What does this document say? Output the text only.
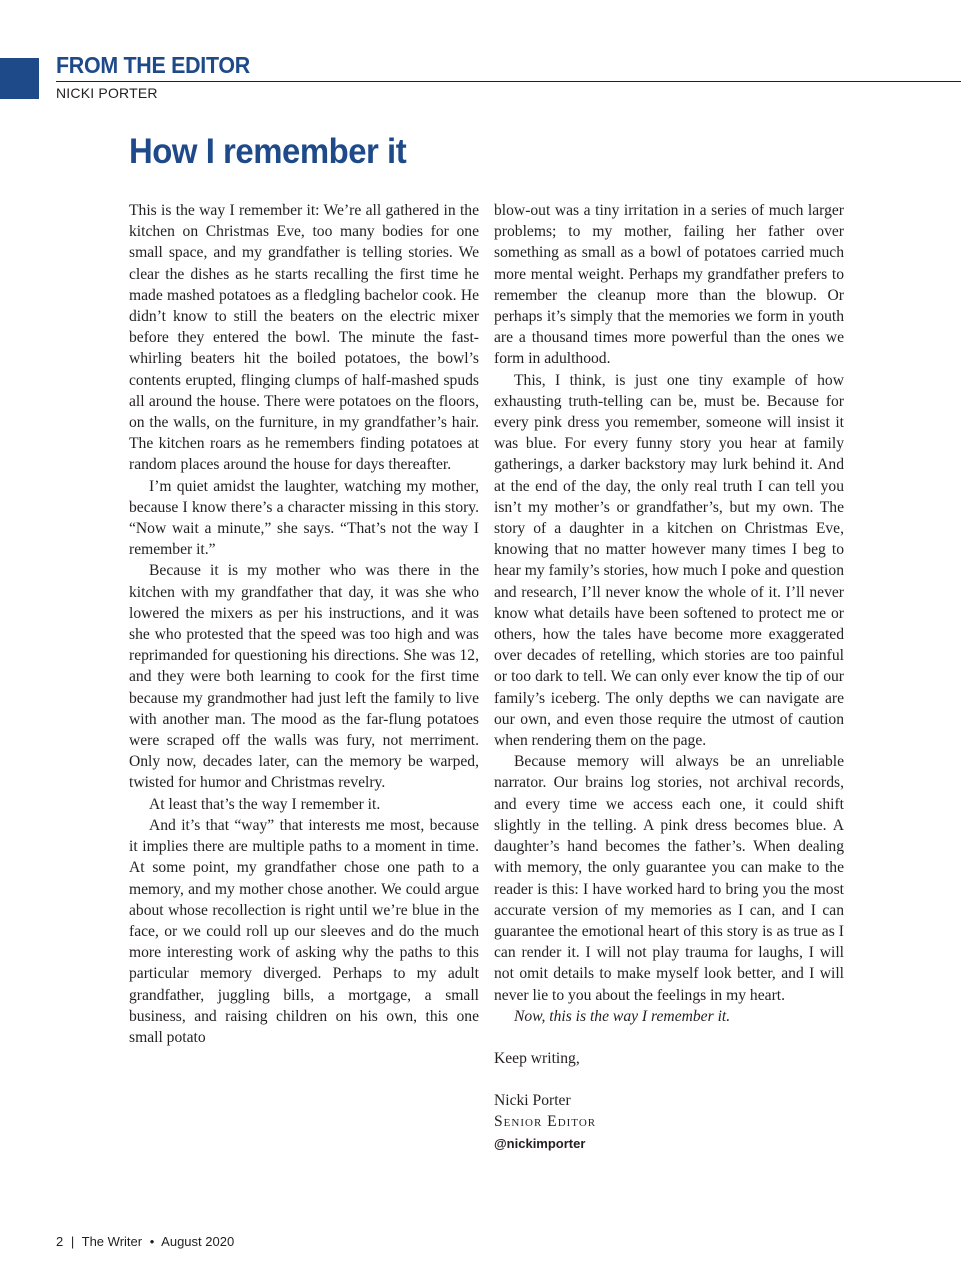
FROM THE EDITOR
NICKI PORTER
How I remember it

This is the way I remember it: We’re all gathered in the kitchen on Christmas Eve, too many bodies for one small space, and my grandfather is telling stories. We clear the dishes as he starts recalling the first time he made mashed potatoes as a fledgling bachelor cook. He didn’t know to still the beaters on the electric mixer before they entered the bowl. The minute the fast-whirling beaters hit the boiled potatoes, the bowl’s contents erupted, flinging clumps of half-mashed spuds all around the house. There were potatoes on the floors, on the walls, on the furniture, in my grandfather’s hair. The kitchen roars as he remembers finding potatoes at random places around the house for days thereafter.

I’m quiet amidst the laughter, watching my mother, because I know there’s a character missing in this story. “Now wait a minute,” she says. “That’s not the way I remember it.”

Because it is my mother who was there in the kitchen with my grandfather that day, it was she who lowered the mixers as per his instructions, and it was she who protested that the speed was too high and was reprimanded for questioning his directions. She was 12, and they were both learning to cook for the first time because my grandmother had just left the family to live with another man. The mood as the far-flung potatoes were scraped off the walls was fury, not merriment. Only now, decades later, can the memory be warped, twisted for humor and Christmas revelry.

At least that’s the way I remember it.

And it’s that “way” that interests me most, because it implies there are multiple paths to a moment in time. At some point, my grandfather chose one path to a memory, and my mother chose another. We could argue about whose recollection is right until we’re blue in the face, or we could roll up our sleeves and do the much more interesting work of asking why the paths to this particular memory diverged. Perhaps to my adult grandfather, juggling bills, a mortgage, a small business, and raising children on his own, this one small potato

blow-out was a tiny irritation in a series of much larger problems; to my mother, failing her father over something as small as a bowl of potatoes carried much more mental weight. Perhaps my grandfather prefers to remember the cleanup more than the blowup. Or perhaps it’s simply that the memories we form in youth are a thousand times more powerful than the ones we form in adulthood.

This, I think, is just one tiny example of how exhausting truth-telling can be, must be. Because for every pink dress you remember, someone will insist it was blue. For every funny story you hear at family gatherings, a darker backstory may lurk behind it. And at the end of the day, the only real truth I can tell you isn’t my mother’s or grandfather’s, but my own. The story of a daughter in a kitchen on Christmas Eve, knowing that no matter however many times I beg to hear my family’s stories, how much I poke and question and research, I’ll never know the whole of it. I’ll never know what details have been softened to protect me or others, how the tales have become more exaggerated over decades of retelling, which stories are too painful or too dark to tell. We can only ever know the tip of our family’s iceberg. The only depths we can navigate are our own, and even those require the utmost of caution when rendering them on the page.

Because memory will always be an unreliable narrator. Our brains log stories, not archival records, and every time we access each one, it could shift slightly in the telling. A pink dress becomes blue. A daughter’s hand becomes the father’s. When dealing with memory, the only guarantee you can make to the reader is this: I have worked hard to bring you the most accurate version of my memories as I can, and I can guarantee the emotional heart of this story is as true as I can render it. I will not play trauma for laughs, I will not omit details to make myself look better, and I will never lie to you about the feelings in my heart.

Now, this is the way I remember it.

Keep writing,

Nicki Porter
Senior Editor
@nickimporter

2 | The Writer • August 2020
